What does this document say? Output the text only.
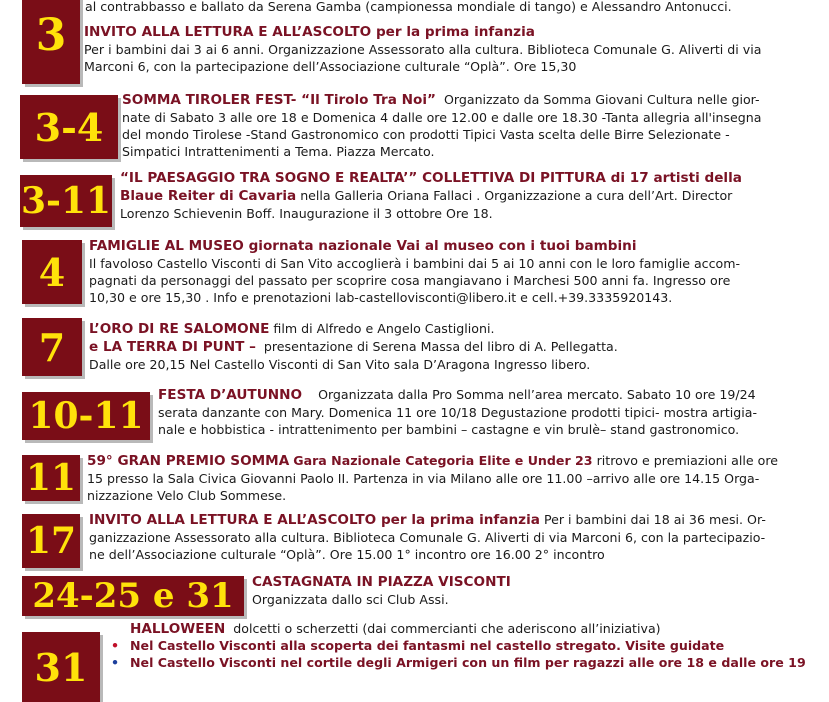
3
al contrabbasso e ballato da Serena Gamba (campionessa mondiale di tango) e Alessandro Antonucci.
INVITO ALLA LETTURA E ALL’ASCOLTO per la prima infanzia
Per i bambini dai 3 ai 6 anni. Organizzazione Assessorato alla cultura. Biblioteca Comunale G. Aliverti di via
Marconi 6, con la partecipazione dell’Associazione culturale “Oplà”. Ore 15,30
3-4
SOMMA TIROLER FEST- “Il Tirolo Tra Noi” Organizzato da Somma Giovani Cultura nelle gior-
nate di Sabato 3 alle ore 18 e Domenica 4 dalle ore 12.00 e dalle ore 18.30 -Tanta allegria all'insegna
del mondo Tirolese -Stand Gastronomico con prodotti Tipici Vasta scelta delle Birre Selezionate -
Simpatici Intrattenimenti a Tema. Piazza Mercato.
3-11
“IL PAESAGGIO TRA SOGNO E REALTA’” COLLETTIVA DI PITTURA di 17 artisti della
Blaue Reiter di Cavaria nella Galleria Oriana Fallaci . Organizzazione a cura dell’Art. Director
Lorenzo Schievenin Boff. Inaugurazione il 3 ottobre Ore 18.
4
FAMIGLIE AL MUSEO giornata nazionale Vai al museo con i tuoi bambini
Il favoloso Castello Visconti di San Vito accoglierà i bambini dai 5 ai 10 anni con le loro famiglie accom-
pagnati da personaggi del passato per scoprire cosa mangiavano i Marchesi 500 anni fa. Ingresso ore
10,30 e ore 15,30 . Info e prenotazioni lab-castellovisconti@libero.it e cell.+39.3335920143.
7	L’ORO DI RE SALOMONE film di Alfredo e Angelo Castiglioni.
e LA TERRA DI PUNT – presentazione di Serena Massa del libro di A. Pellegatta.
Dalle ore 20,15 Nel Castello Visconti di San Vito sala D’Aragona Ingresso libero.
10-11	FESTA D’AUTUNNO Organizzata dalla Pro Somma nell’area mercato. Sabato 10 ore 19/24
serata danzante con Mary. Domenica 11 ore 10/18 Degustazione prodotti tipici- mostra artigia-
nale e hobbistica - intrattenimento per bambini – castagne e vin brulè– stand gastronomico.
11 59° GRAN PREMIO SOMMA Gara Nazionale Categoria Elite e Under 23 ritrovo e premiazioni alle ore
15 presso la Sala Civica Giovanni Paolo II. Partenza in via Milano alle ore 11.00 –arrivo alle ore 14.15 Orga-
nizzazione Velo Club Sommese.
17 INVITO ALLA LETTURA E ALL’ASCOLTO per la prima infanzia Per i bambini dai 18 ai 36 mesi. Or-
ganizzazione Assessorato alla cultura. Biblioteca Comunale G. Aliverti di via Marconi 6, con la partecipazio-
ne dell’Associazione culturale “Oplà”. Ore 15.00 1° incontro ore 16.00 2° incontro
24-25 e 31	CASTAGNATA IN PIAZZA VISCONTI
Organizzata dallo sci Club Assi.
31
HALLOWEEN dolcetti o scherzetti (dai commercianti che aderiscono all’iniziativa)
• Nel Castello Visconti alla scoperta dei fantasmi nel castello stregato. Visite guidate
• Nel Castello Visconti nel cortile degli Armigeri con un film per ragazzi alle ore 18 e dalle ore 19
